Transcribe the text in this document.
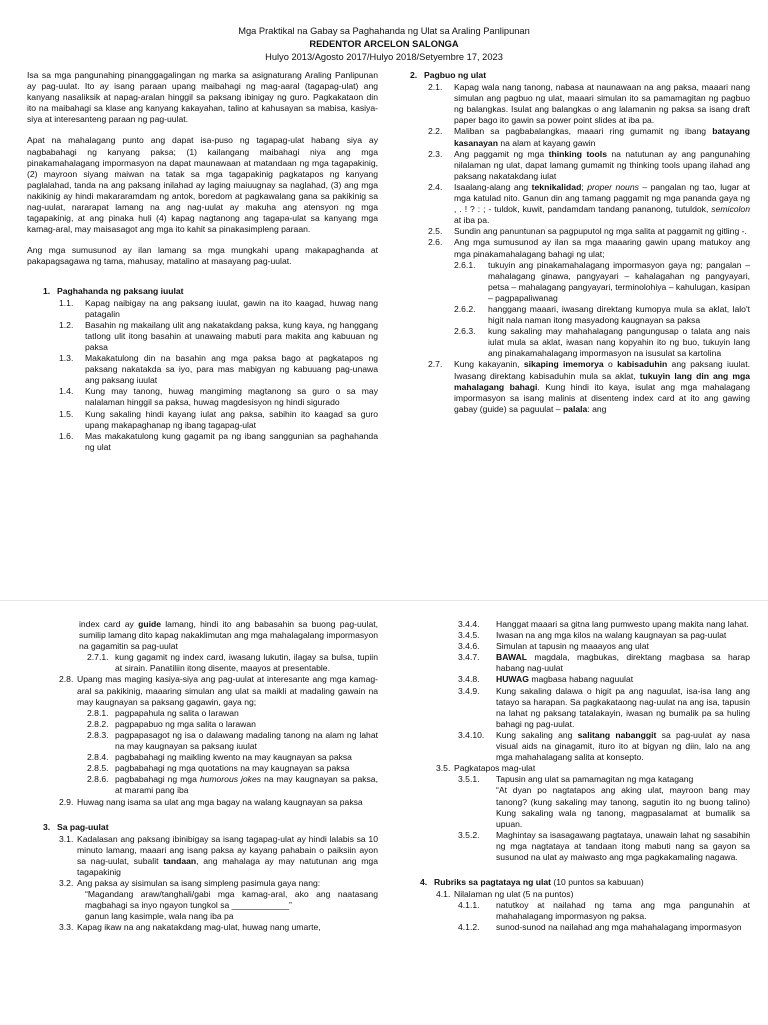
Mga Praktikal na Gabay sa Paghahanda ng Ulat sa Araling Panlipunan
REDENTOR ARCELON SALONGA
Hulyo 2013/Agosto 2017/Hulyo 2018/Setyembre 17, 2023

Isa sa mga pangunahing pinanggagalingan ng marka sa asignaturang Araling Panlipunan ay pag-uulat. Ito ay isang paraan upang maibahagi ng mag-aaral (tagapag-ulat) ang kanyang nasaliksik at napag-aralan hinggil sa paksang ibinigay ng guro. Pagkakataon din ito na maibahagi sa klase ang kanyang kakayahan, talino at kahusayan sa mabisa, kasiya-siya at interesanteng paraan ng pag-uulat.

Apat na mahalagang punto ang dapat isa-puso ng tagapag-ulat habang siya ay nagbabahagi ng kanyang paksa; (1) kailangang maibahagi niya ang mga pinakamahalagang impormasyon na dapat maunawaan at matandaan ng mga tagapakinig, (2) mayroon siyang maiwan na tatak sa mga tagapakinig pagkatapos ng kanyang paglalahad, tanda na ang paksang inilahad ay laging maiuugnay sa naglahad, (3) ang mga nakikinig ay hindi makararamdam ng antok, boredom at pagkawalang gana sa pakikinig sa nag-uulat, nararapat lamang na ang nag-uulat ay makuha ang atensyon ng mga tagapakinig, at ang pinaka huli (4) kapag nagtanong ang tagapa-ulat sa kanyang mga kamag-aral, may maisasagot ang mga ito kahit sa pinakasimpleng paraan.

Ang mga sumusunod ay ilan lamang sa mga mungkahi upang makapaghanda at pakapagsagawa ng tama, mahusay, matalino at masayang pag-uulat.

1. Paghahanda ng paksang iuulat
1.1. Kapag naibigay na ang paksang iuulat, gawin na ito kaagad, huwag nang patagalin
1.2. Basahin ng makailang ulit ang nakatakdang paksa, kung kaya, ng hanggang tatlong ulit itong basahin at unawaing mabuti para makita ang kabuuan ng paksa
1.3. Makakatulong din na basahin ang mga paksa bago at pagkatapos ng paksang nakatakda sa iyo, para mas mabigyan ng kabuuang pag-unawa ang paksang iuulat
1.4. Kung may tanong, huwag mangiming magtanong sa guro o sa may nalalaman hinggil sa paksa, huwag magdesisyon ng hindi sigurado
1.5. Kung sakaling hindi kayang iulat ang paksa, sabihin ito kaagad sa guro upang makapaghanap ng ibang tagapag-ulat
1.6. Mas makakatulong kung gagamit pa ng ibang sanggunian sa paghahanda ng ulat
2. Pagbuo ng ulat
2.1. Kapag wala nang tanong, nabasa at naunawaan na ang paksa, maaari nang simulan ang pagbuo ng ulat, maaari simulan ito sa pamamagitan ng pagbuo ng balangkas. Isulat ang balangkas o ang lalamanin ng paksa sa isang draft paper bago ito gawin sa power point slides at iba pa.
2.2. Maliban sa pagbabalangkas, maaari ring gumamit ng ibang batayang kasanayan na alam at kayang gawin
2.3. Ang paggamit ng mga thinking tools na natutunan ay ang pangunahing nilalaman ng ulat, dapat lamang gumamit ng thinking tools upang ilahad ang paksang nakatakdang iulat
2.4. Isaalang-alang ang teknikalidad; proper nouns – pangalan ng tao, lugar at mga katulad nito. Ganun din ang tamang paggamit ng mga pananda gaya ng , . ! ? : ; - tuldok, kuwit, pandamdam tandang pananong, tutuldok, semicolon at iba pa.
2.5. Sundin ang panuntunan sa pagpuputol ng mga salita at paggamit ng gitling -.
2.6. Ang mga sumusunod ay ilan sa mga maaaring gawin upang matukoy ang mga pinakamahalagang bahagi ng ulat;
2.6.1. tukuyin ang pinakamahalagang impormasyon gaya ng; pangalan – mahalagang ginawa, pangyayari – kahalagahan ng pangyayari, petsa – mahalagang pangyayari, terminolohiya – kahulugan, kasipan – pagpapaliwanag
2.6.2. hanggang maaari, iwasang direktang kumopya mula sa aklat, lalo't higit nala naman itong masyadong kaugnayan sa paksa
2.6.3. kung sakaling may mahahalagang pangungusap o talata ang nais iulat mula sa aklat, iwasan nang kopyahin ito ng buo, tukuyin lang ang pinakamahalagang impormasyon na isusulat sa kartolina
2.7. Kung kakayanin, sikaping imemorya o kabisaduhin ang paksang iuulat. Iwasang direktang kabisaduhin mula sa aklat, tukuyin lang din ang mga mahalagang bahagi. Kung hindi ito kaya, isulat ang mga mahalagang impormasyon sa isang malinis at disenteng index card at ito ang gawing gabay (guide) sa paguulat – palala: ang

index card ay guide lamang, hindi ito ang babasahin sa buong pag-uulat, sumilip lamang dito kapag nakaklimutan ang mga mahalagalang impormasyon na gagamitin sa pag-uulat

2.7.1. kung gagamit ng index card, iwasang lukutin, ilagay sa bulsa, tupiin at sirain. Panatiliin itong disente, maayos at presentable.
2.8. Upang mas maging kasiya-siya ang pag-uulat at interesante ang mga kamag-aral sa pakikinig, maaaring simulan ang ulat sa maikli at madaling gawain na may kaugnayan sa paksang gagawin, gaya ng;
2.8.1. pagpapahula ng salita o larawan
2.8.2. pagpapabuo ng mga salita o larawan
2.8.3. pagpapasagot ng isa o dalawang madaling tanong na alam ng lahat na may kaugnayan sa paksang iuulat
2.8.4. pagbabahagi ng maikling kwento na may kaugnayan sa paksa
2.8.5. pagbabahagi ng mga quotations na may kaugnayan sa paksa
2.8.6. pagbabahagi ng mga humorous jokes na may kaugnayan sa paksa, at marami pang iba
2.9. Huwag nang isama sa ulat ang mga bagay na walang kaugnayan sa paksa
3. Sa pag-uulat
3.1. Kadalasan ang paksang ibinibigay sa isang tagapag-ulat ay hindi lalabis sa 10 minuto lamang, maaari ang isang paksa ay kayang pahabain o paiksiin ayon sa nag-uulat, subalit tandaan, ang mahalaga ay may natutunan ang mga tagapakinig
3.2. Ang paksa ay sisimulan sa isang simpleng pasimula gaya nang:

“Magandang araw/tanghali/gabi mga kamag-aral, ako ang naatasang magbahagi sa inyo ngayon tungkol sa ____________”

ganun lang kasimple, wala nang iba pa

3.3. Kapag ikaw na ang nakatakdang mag-ulat, huwag nang umarte,
3.4.4. Hanggat maaari sa gitna lang pumwesto upang makita nang lahat.
3.4.5. Iwasan na ang mga kilos na walang kaugnayan sa pag-uulat
3.4.6. Simulan at tapusin ng maaayos ang ulat
3.4.7. BAWAL magdala, magbukas, direktang magbasa sa harap habang nag-uulat
3.4.8. HUWAG magbasa habang naguulat
3.4.9. Kung sakaling dalawa o higit pa ang naguulat, isa-isa lang ang tatayo sa harapan. Sa pagkakataong nag-uulat na ang isa, tapusin na lahat ng paksang tatalakayin, iwasan ng bumalik pa sa huling bahagi ng pag-uulat.
3.4.10. Kung sakaling ang salitang nabanggit sa pag-uulat ay nasa visual aids na ginagamit, ituro ito at bigyan ng diin, lalo na ang mga mahahalagang salita at konsepto.
3.5. Pagkatapos mag-ulat
3.5.1. Tapusin ang ulat sa pamamagitan ng mga katagang

“At dyan po nagtatapos ang aking ulat, mayroon bang may tanong? (kung sakaling may tanong, sagutin ito ng buong talino) Kung sakaling wala ng tanong, magpasalamat at bumalik sa upuan.

3.5.2. Maghintay sa isasagawang pagtataya, unawain lahat ng sasabihin ng mga nagtataya at tandaan itong mabuti nang sa gayon sa susunod na ulat ay maiwasto ang mga pagkakamaling nagawa.
4. Rubriks sa pagtataya ng ulat (10 puntos sa kabuuan)
4.1. Nilalaman ng ulat (5 na puntos)
4.1.1. natutkoy at nailahad ng tama ang mga pangunahin at mahahalagang impormasyon ng paksa.
4.1.2. sunod-sunod na nailahad ang mga mahahalagang impormasyon
